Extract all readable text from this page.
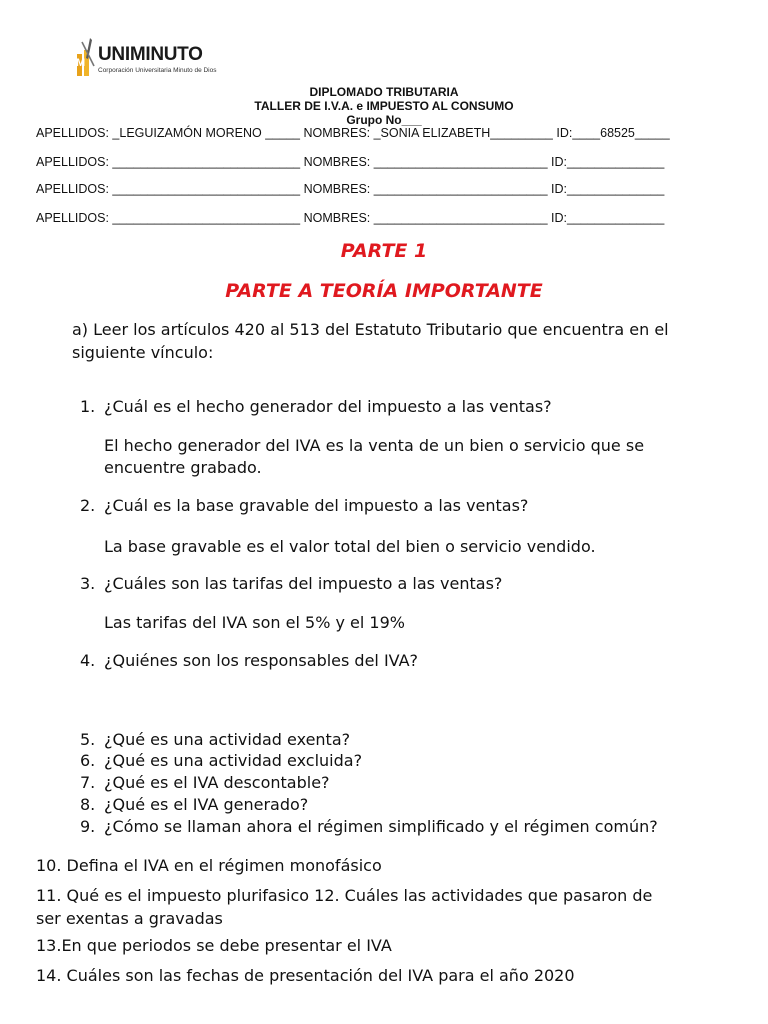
M UNIMINUTO
Corporación Universitaria Minuto de Dios
DIPLOMADO TRIBUTARIA
TALLER DE I.V.A. e IMPUESTO AL CONSUMO
Grupo No___
APELLIDOS: _LEGUIZAMÓN MORENO _____ NOMBRES: _SONIA ELIZABETH_________ ID:____68525_____
APELLIDOS: ___________________________ NOMBRES: _________________________ ID:______________
APELLIDOS: ___________________________ NOMBRES: _________________________ ID:______________
APELLIDOS: ___________________________ NOMBRES: _________________________ ID:______________
PARTE 1
PARTE A TEORÍA IMPORTANTE
a) Leer los artículos 420 al 513 del Estatuto Tributario que encuentra en el siguiente vínculo:
1. ¿Cuál es el hecho generador del impuesto a las ventas?
El hecho generador del IVA es la venta de un bien o servicio que se encuentre grabado.
2. ¿Cuál es la base gravable del impuesto a las ventas?
La base gravable es el valor total del bien o servicio vendido.
3. ¿Cuáles son las tarifas del impuesto a las ventas?
Las tarifas del IVA son el 5% y el 19%
4. ¿Quiénes son los responsables del IVA?
5. ¿Qué es una actividad exenta?
6. ¿Qué es una actividad excluida?
7. ¿Qué es el IVA descontable?
8. ¿Qué es el IVA generado?
9. ¿Cómo se llaman ahora el régimen simplificado y el régimen común?
10. Defina el IVA en el régimen monofásico
11. Qué es el impuesto plurifasico 12. Cuáles las actividades que pasaron de ser exentas a gravadas
13.En que periodos se debe presentar el IVA
14. Cuáles son las fechas de presentación del IVA para el año 2020
